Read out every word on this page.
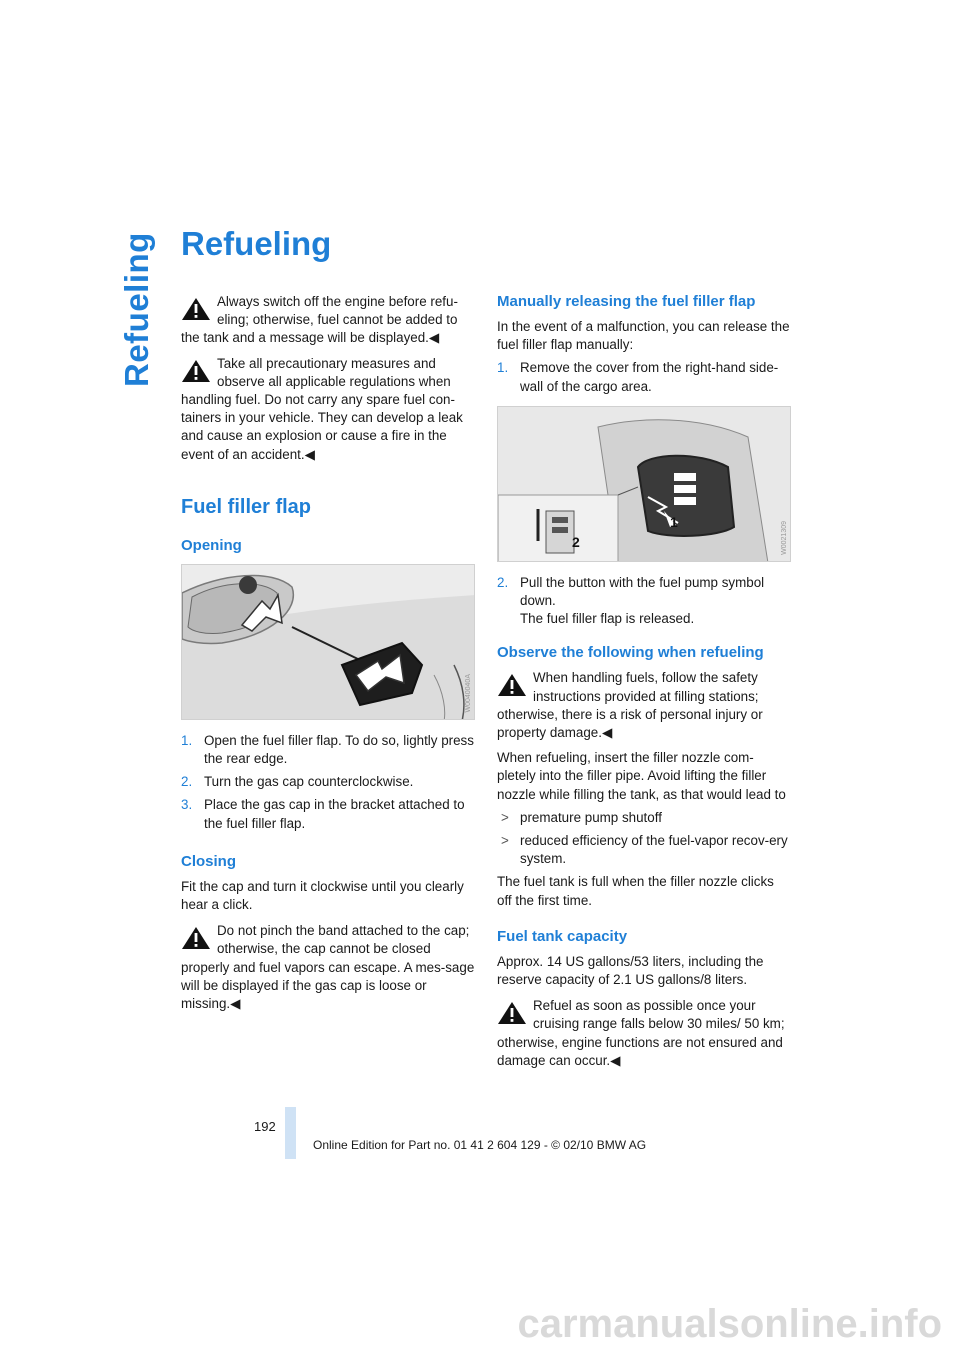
Refueling Refueling
Always switch off the engine before refu-eling; otherwise, fuel cannot be added to the tank and a message will be displayed.◀
Take all precautionary measures and observe all applicable regulations when handling fuel. Do not carry any spare fuel con-tainers in your vehicle. They can develop a leak and cause an explosion or cause a fire in the event of an accident.◀
Fuel filler flap
Opening
W0040040A
1. Open the fuel filler flap. To do so, lightly press the rear edge.
2. Turn the gas cap counterclockwise.
3. Place the gas cap in the bracket attached to the fuel filler flap.
Closing

Fit the cap and turn it clockwise until you clearly hear a click.

Do not pinch the band attached to the cap; otherwise, the cap cannot be closed properly and fuel vapors can escape. A mes-sage will be displayed if the gas cap is loose or missing.◀
Manually releasing the fuel filler flap

In the event of a malfunction, you can release the fuel filler flap manually:

1. Remove the cover from the right-hand side-wall of the cargo area.
1
2	W0021309
2. Pull the button with the fuel pump symbol down.
The fuel filler flap is released.
Observe the following when refueling
When handling fuels, follow the safety instructions provided at filling stations; otherwise, there is a risk of personal injury or property damage.◀

When refueling, insert the filler nozzle com-pletely into the filler pipe. Avoid lifting the filler nozzle while filling the tank, as that would lead to

> premature pump shutoff
> reduced efficiency of the fuel-vapor recov-ery system.

The fuel tank is full when the filler nozzle clicks off the first time.

Fuel tank capacity

Approx. 14 US gallons/53 liters, including the reserve capacity of 2.1 US gallons/8 liters.

Refuel as soon as possible once your cruising range falls below 30 miles/ 50 km; otherwise, engine functions are not ensured and damage can occur.◀
192
Online Edition for Part no. 01 41 2 604 129 - © 02/10 BMW AG
carmanualsonline.info
